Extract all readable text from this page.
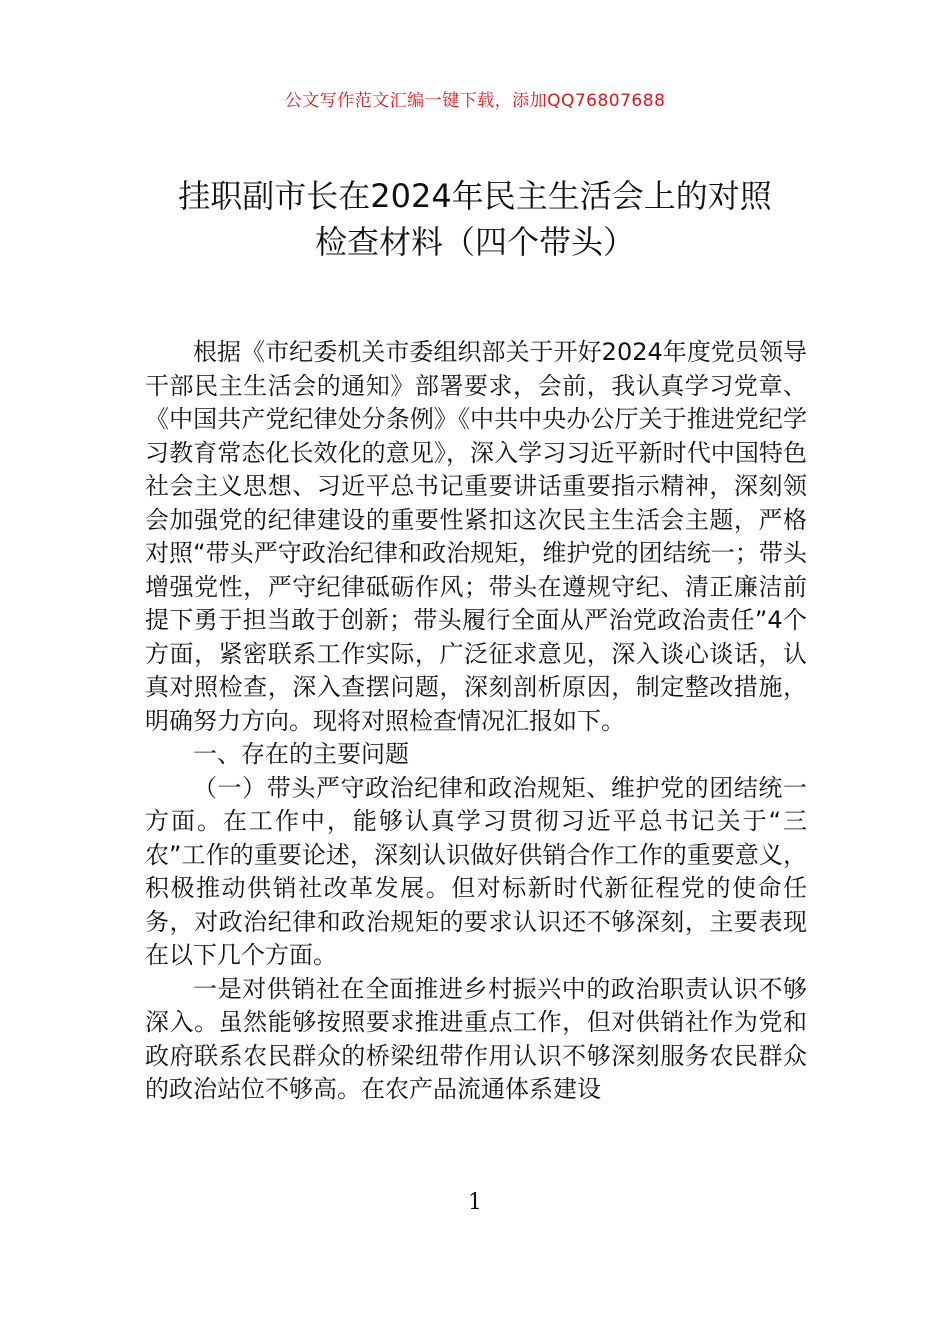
公文写作范文汇编一键下载，添加QQ76807688
挂职副市长在2024年民主生活会上的对照
检查材料（四个带头）

根据《市纪委机关市委组织部关于开好2024年度党员领导干部民主生活会的通知》部署要求，会前，我认真学习党章、《中国共产党纪律处分条例》《中共中央办公厅关于推进党纪学习教育常态化长效化的意见》，深入学习习近平新时代中国特色社会主义思想、习近平总书记重要讲话重要指示精神，深刻领会加强党的纪律建设的重要性紧扣这次民主生活会主题，严格对照“带头严守政治纪律和政治规矩，维护党的团结统一；带头增强党性，严守纪律砥砺作风；带头在遵规守纪、清正廉洁前提下勇于担当敢于创新；带头履行全面从严治党政治责任”4个方面，紧密联系工作实际，广泛征求意见，深入谈心谈话，认真对照检查，深入查摆问题，深刻剖析原因，制定整改措施，明确努力方向。现将对照检查情况汇报如下。

一、存在的主要问题

（一）带头严守政治纪律和政治规矩、维护党的团结统一方面。在工作中，能够认真学习贯彻习近平总书记关于“三农”工作的重要论述，深刻认识做好供销合作工作的重要意义，积极推动供销社改革发展。但对标新时代新征程党的使命任务，对政治纪律和政治规矩的要求认识还不够深刻，主要表现在以下几个方面。

一是对供销社在全面推进乡村振兴中的政治职责认识不够深入。虽然能够按照要求推进重点工作，但对供销社作为党和政府联系农民群众的桥梁纽带作用认识不够深刻服务农民群众的政治站位不够高。在农产品流通体系建设

1
